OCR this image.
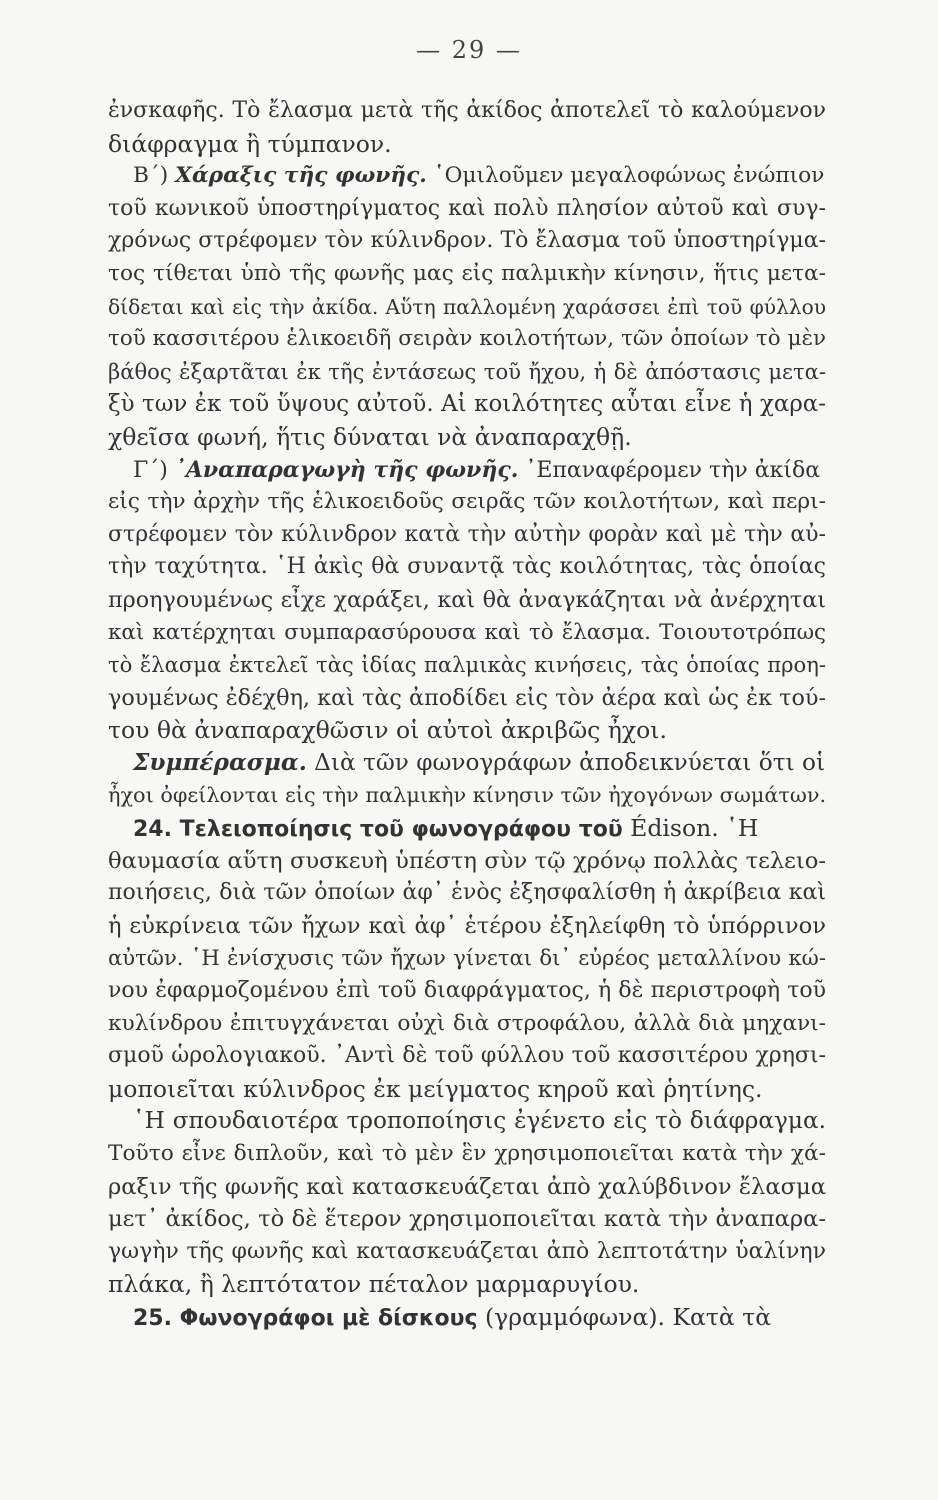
— 29 —
ἐνσκαφῆς. Τὸ ἔλασμα μετὰ τῆς ἀκίδος ἀποτελεῖ τὸ καλούμενον
διάφραγμα ἢ τύμπανον.
Β΄) Χάραξις τῆς φωνῆς. ῾Ομιλοῦμεν μεγαλοφώνως ἐνώπιον
τοῦ κωνικοῦ ὑποστηρίγματος καὶ πολὺ πλησίον αὐτοῦ καὶ συγ-
χρόνως στρέφομεν τὸν κύλινδρον. Τὸ ἔλασμα τοῦ ὑποστηρίγμα-
τος τίθεται ὑπὸ τῆς φωνῆς μας εἰς παλμικὴν κίνησιν, ἥτις μετα-
δίδεται καὶ εἰς τὴν ἀκίδα. Αὕτη παλλομένη χαράσσει ἐπὶ τοῦ φύλλου
τοῦ κασσιτέρου ἑλικοειδῆ σειρὰν κοιλοτήτων, τῶν ὁποίων τὸ μὲν
βάθος ἐξαρτᾶται ἐκ τῆς ἐντάσεως τοῦ ἤχου, ἡ δὲ ἀπόστασις μετα-
ξὺ των ἐκ τοῦ ὕψους αὐτοῦ. Αἱ κοιλότητες αὗται εἶνε ἡ χαρα-
χθεῖσα φωνή, ἥτις δύναται νὰ ἀναπαραχθῇ.
Γ΄) ᾽Αναπαραγωγὴ τῆς φωνῆς. ᾽Επαναφέρομεν τὴν ἀκίδα
εἰς τὴν ἀρχὴν τῆς ἑλικοειδοῦς σειρᾶς τῶν κοιλοτήτων, καὶ περι-
στρέφομεν τὸν κύλινδρον κατὰ τὴν αὐτὴν φορὰν καὶ μὲ τὴν αὐ-
τὴν ταχύτητα. ῾Η ἀκὶς θὰ συναντᾷ τὰς κοιλότητας, τὰς ὁποίας
προηγουμένως εἶχε χαράξει, καὶ θὰ ἀναγκάζηται νὰ ἀνέρχηται
καὶ κατέρχηται συμπαρασύρουσα καὶ τὸ ἔλασμα. Τοιουτοτρόπως
τὸ ἔλασμα ἐκτελεῖ τὰς ἰδίας παλμικὰς κινήσεις, τὰς ὁποίας προη-
γουμένως ἐδέχθη, καὶ τὰς ἀποδίδει εἰς τὸν ἀέρα καὶ ὡς ἐκ τού-
του θὰ ἀναπαραχθῶσιν οἱ αὐτοὶ ἀκριβῶς ἦχοι.
Συμπέρασμα. Διὰ τῶν φωνογράφων ἀποδεικνύεται ὅτι οἱ
ἦχοι ὀφείλονται εἰς τὴν παλμικὴν κίνησιν τῶν ἠχογόνων σωμάτων.
24. Τελειοποίησις τοῦ φωνογράφου τοῦ Édison. ῾Η
θαυμασία αὕτη συσκευὴ ὑπέστη σὺν τῷ χρόνῳ πολλὰς τελειο-
ποιήσεις, διὰ τῶν ὁποίων ἀφ᾽ ἑνὸς ἐξησφαλίσθη ἡ ἀκρίβεια καὶ
ἡ εὐκρίνεια τῶν ἤχων καὶ ἀφ᾽ ἑτέρου ἐξηλείφθη τὸ ὑπόρρινον
αὐτῶν. ῾Η ἐνίσχυσις τῶν ἤχων γίνεται δι᾽ εὐρέος μεταλλίνου κώ-
νου ἐφαρμοζομένου ἐπὶ τοῦ διαφράγματος, ἡ δὲ περιστροφὴ τοῦ
κυλίνδρου ἐπιτυγχάνεται οὐχὶ διὰ στροφάλου, ἀλλὰ διὰ μηχανι-
σμοῦ ὡρολογιακοῦ. ᾽Αντὶ δὲ τοῦ φύλλου τοῦ κασσιτέρου χρησι-
μοποιεῖται κύλινδρος ἐκ μείγματος κηροῦ καὶ ῥητίνης.
῾Η σπουδαιοτέρα τροποποίησις ἐγένετο εἰς τὸ διάφραγμα.
Τοῦτο εἶνε διπλοῦν, καὶ τὸ μὲν ἓν χρησιμοποιεῖται κατὰ τὴν χά-
ραξιν τῆς φωνῆς καὶ κατασκευάζεται ἀπὸ χαλύβδινον ἔλασμα
μετ᾽ ἀκίδος, τὸ δὲ ἕτερον χρησιμοποιεῖται κατὰ τὴν ἀναπαρα-
γωγὴν τῆς φωνῆς καὶ κατασκευάζεται ἀπὸ λεπτοτάτην ὑαλίνην
πλάκα, ἢ λεπτότατον πέταλον μαρμαρυγίου.
25. Φωνογράφοι μὲ δίσκους (γραμμόφωνα). Κατὰ τὰ
